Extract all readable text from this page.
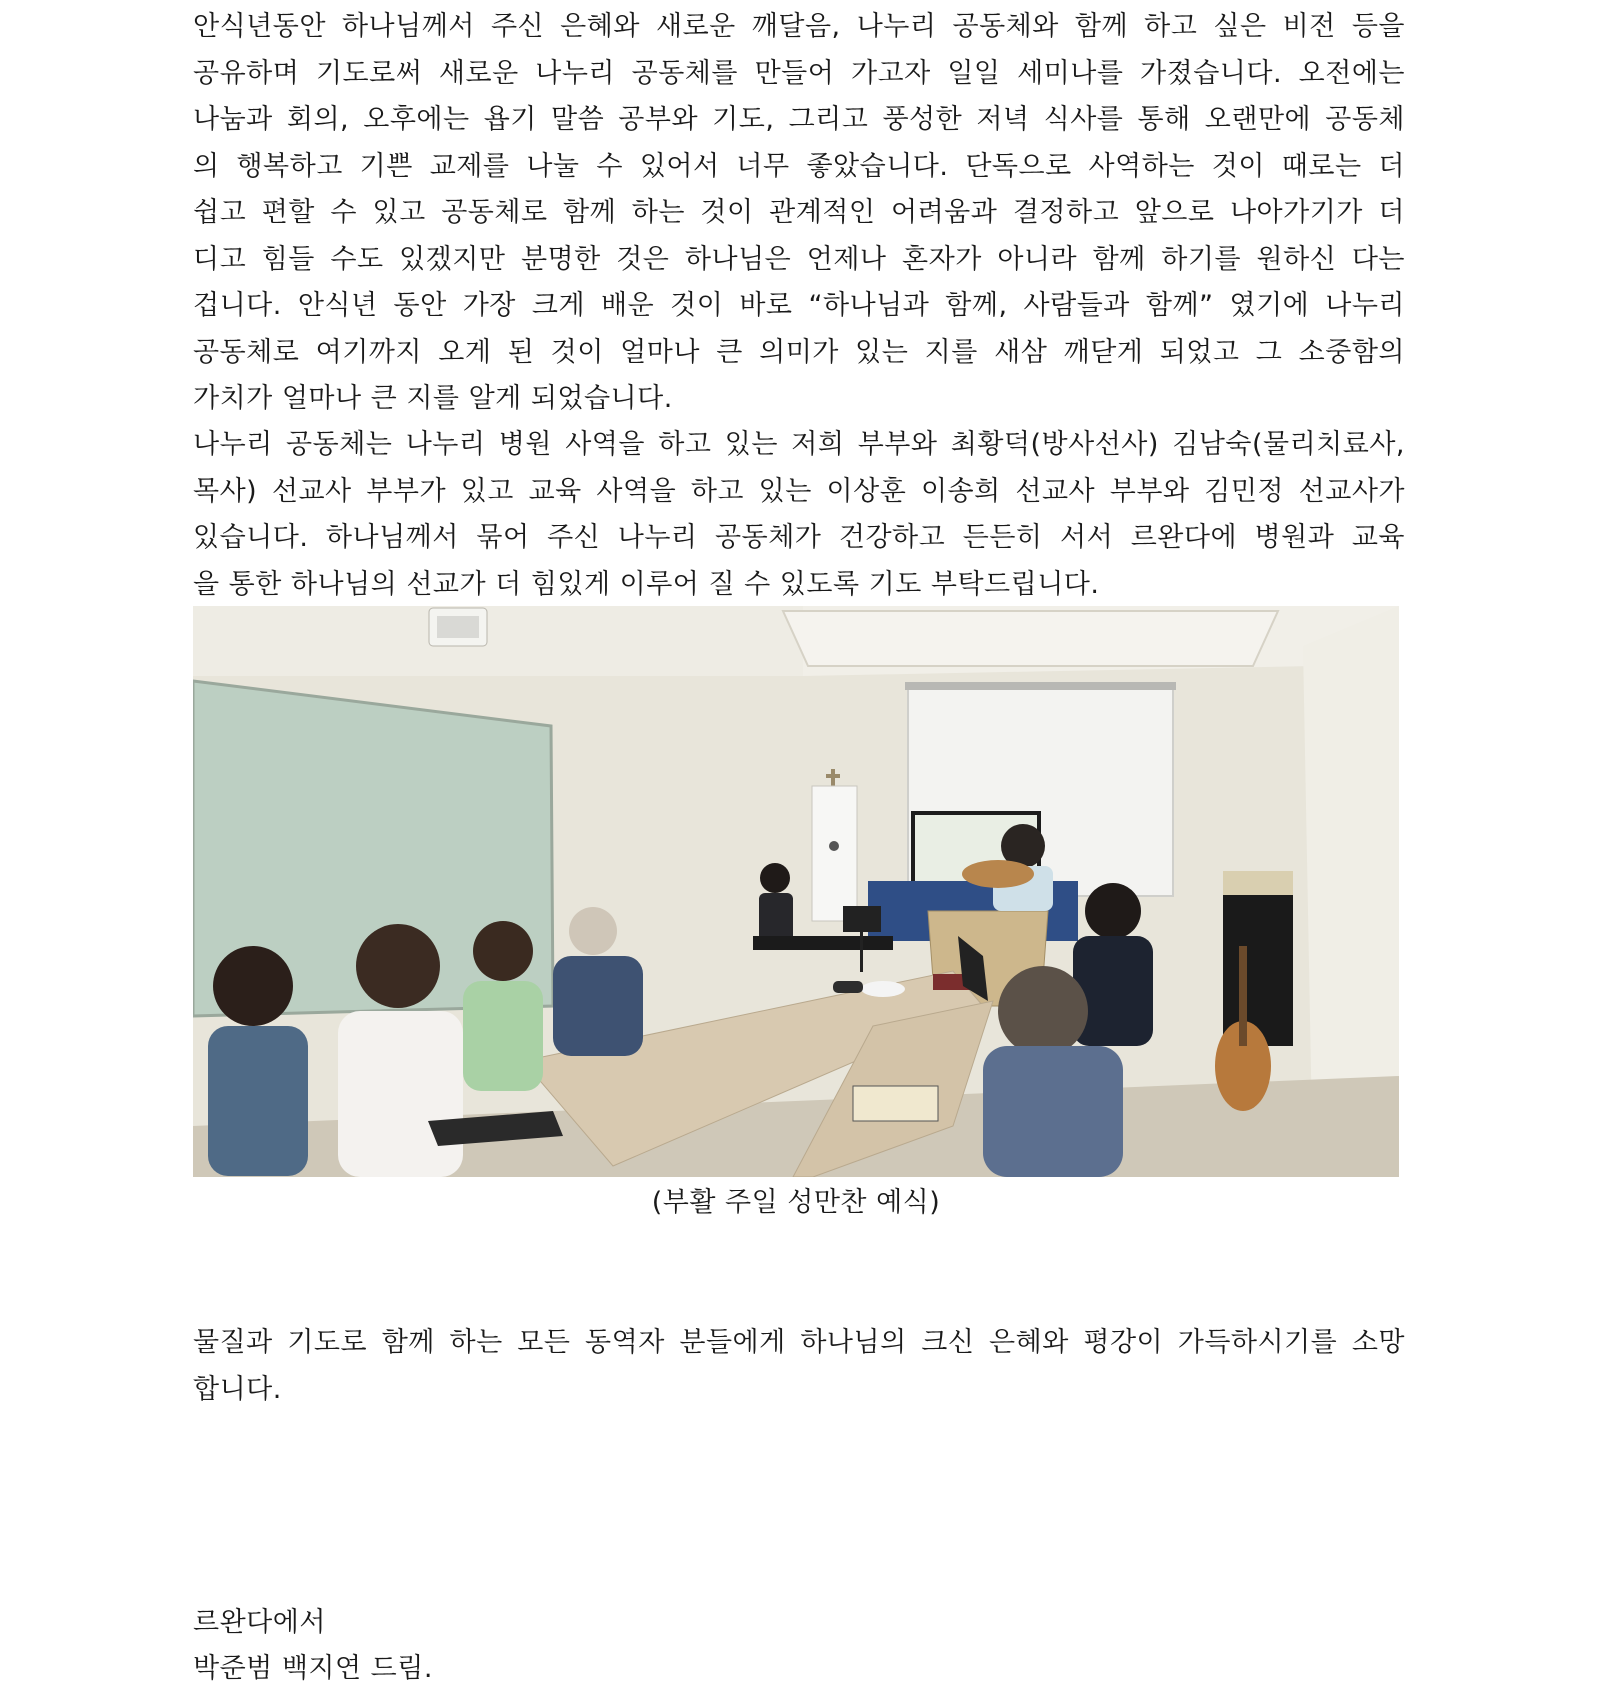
안식년동안 하나님께서 주신 은혜와 새로운 깨달음, 나누리 공동체와 함께 하고 싶은 비전 등을
공유하며 기도로써 새로운 나누리 공동체를 만들어 가고자 일일 세미나를 가졌습니다. 오전에는
나눔과 회의, 오후에는 욥기 말씀 공부와 기도, 그리고 풍성한 저녁 식사를 통해 오랜만에 공동체
의 행복하고 기쁜 교제를 나눌 수 있어서 너무 좋았습니다. 단독으로 사역하는 것이 때로는 더
쉽고 편할 수 있고 공동체로 함께 하는 것이 관계적인 어려움과 결정하고 앞으로 나아가기가 더
디고 힘들 수도 있겠지만 분명한 것은 하나님은 언제나 혼자가 아니라 함께 하기를 원하신 다는
겁니다. 안식년 동안 가장 크게 배운 것이 바로 “하나님과 함께, 사람들과 함께” 였기에 나누리
공동체로 여기까지 오게 된 것이 얼마나 큰 의미가 있는 지를 새삼 깨닫게 되었고 그 소중함의
가치가 얼마나 큰 지를 알게 되었습니다.
나누리 공동체는 나누리 병원 사역을 하고 있는 저희 부부와 최황덕(방사선사) 김남숙(물리치료사,
목사) 선교사 부부가 있고 교육 사역을 하고 있는 이상훈 이송희 선교사 부부와 김민정 선교사가
있습니다. 하나님께서 묶어 주신 나누리 공동체가 건강하고 든든히 서서 르완다에 병원과 교육
을 통한 하나님의 선교가 더 힘있게 이루어 질 수 있도록 기도 부탁드립니다.
(부활 주일 성만찬 예식)
물질과 기도로 함께 하는 모든 동역자 분들에게 하나님의 크신 은혜와 평강이 가득하시기를 소망
합니다.
르완다에서
박준범 백지연 드림.
